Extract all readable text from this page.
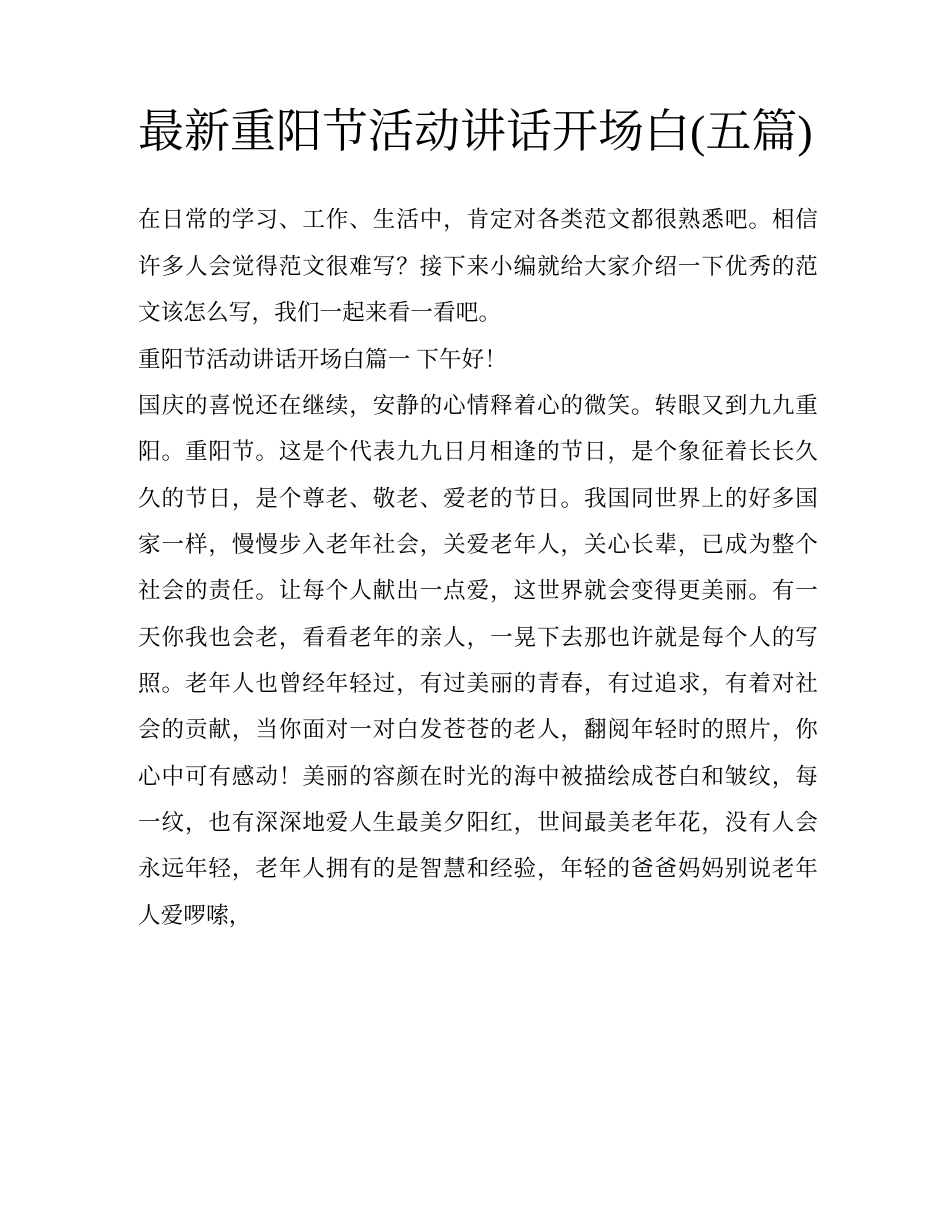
最新重阳节活动讲话开场白(五篇)

在日常的学习、工作、生活中，肯定对各类范文都很熟悉吧。相信许多人会觉得范文很难写？接下来小编就给大家介绍一下优秀的范文该怎么写，我们一起来看一看吧。

重阳节活动讲话开场白篇一 下午好！

国庆的喜悦还在继续，安静的心情释着心的微笑。转眼又到九九重阳。重阳节。这是个代表九九日月相逢的节日，是个象征着长长久久的节日，是个尊老、敬老、爱老的节日。我国同世界上的好多国家一样，慢慢步入老年社会，关爱老年人，关心长辈，已成为整个社会的责任。让每个人献出一点爱，这世界就会变得更美丽。有一天你我也会老，看看老年的亲人，一晃下去那也许就是每个人的写照。老年人也曾经年轻过，有过美丽的青春，有过追求，有着对社会的贡献，当你面对一对白发苍苍的老人，翻阅年轻时的照片，你心中可有感动！美丽的容颜在时光的海中被描绘成苍白和皱纹，每一纹，也有深深地爱人生最美夕阳红，世间最美老年花，没有人会永远年轻，老年人拥有的是智慧和经验，年轻的爸爸妈妈别说老年人爱啰嗦，
